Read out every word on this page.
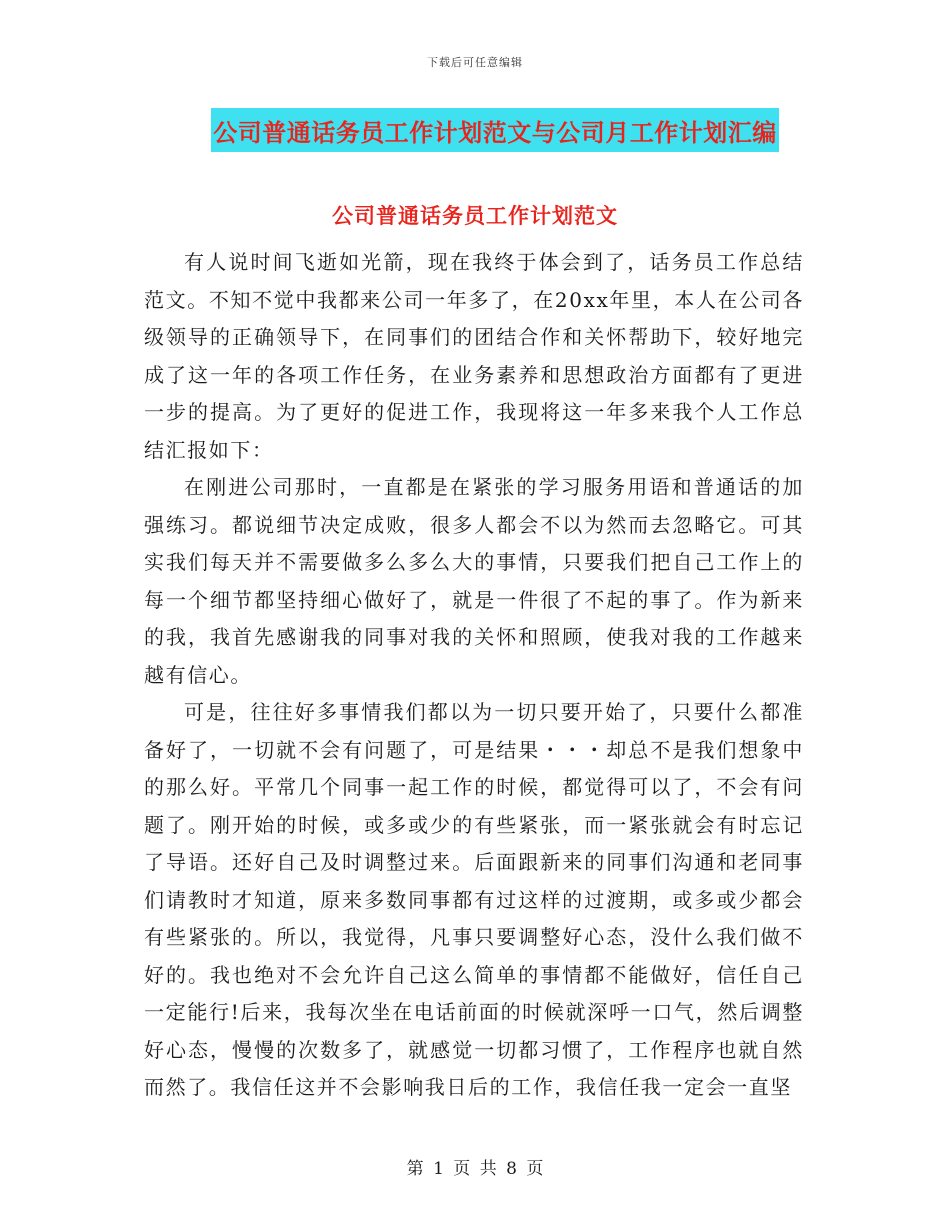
下载后可任意编辑
公司普通话务员工作计划范文与公司月工作计划汇编
公司普通话务员工作计划范文

有人说时间飞逝如光箭，现在我终于体会到了，话务员工作总结范文。不知不觉中我都来公司一年多了，在20xx年里，本人在公司各级领导的正确领导下，在同事们的团结合作和关怀帮助下，较好地完成了这一年的各项工作任务，在业务素养和思想政治方面都有了更进一步的提高。为了更好的促进工作，我现将这一年多来我个人工作总结汇报如下：

在刚进公司那时，一直都是在紧张的学习服务用语和普通话的加强练习。都说细节决定成败，很多人都会不以为然而去忽略它。可其实我们每天并不需要做多么多么大的事情，只要我们把自己工作上的每一个细节都坚持细心做好了，就是一件很了不起的事了。作为新来的我，我首先感谢我的同事对我的关怀和照顾，使我对我的工作越来越有信心。

可是，往往好多事情我们都以为一切只要开始了，只要什么都准备好了，一切就不会有问题了，可是结果・・・却总不是我们想象中的那么好。平常几个同事一起工作的时候，都觉得可以了，不会有问题了。刚开始的时候，或多或少的有些紧张，而一紧张就会有时忘记了导语。还好自己及时调整过来。后面跟新来的同事们沟通和老同事们请教时才知道，原来多数同事都有过这样的过渡期，或多或少都会有些紧张的。所以，我觉得，凡事只要调整好心态，没什么我们做不好的。我也绝对不会允许自己这么简单的事情都不能做好，信任自己一定能行!后来，我每次坐在电话前面的时候就深呼一口气，然后调整好心态，慢慢的次数多了，就感觉一切都习惯了，工作程序也就自然而然了。我信任这并不会影响我日后的工作，我信任我一定会一直坚

第 1 页 共 8 页
